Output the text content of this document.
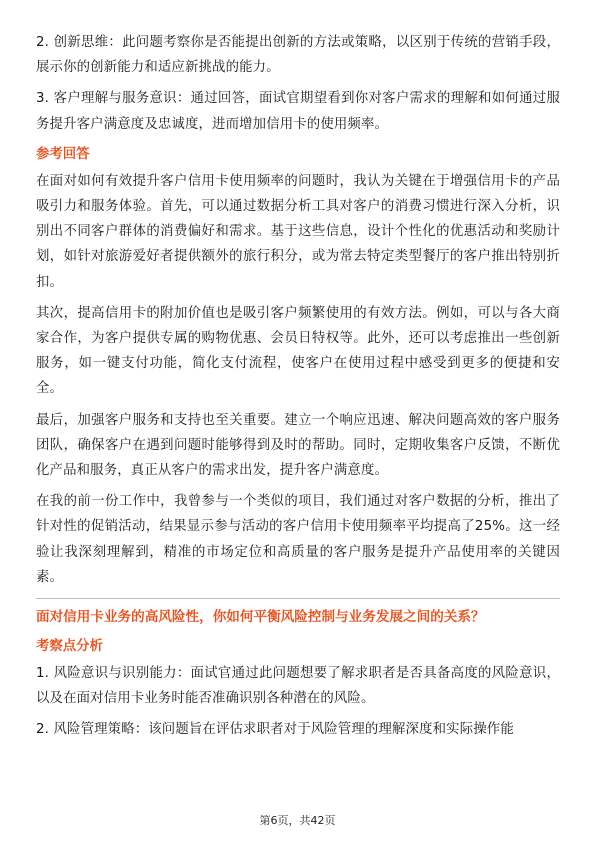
2. 创新思维：此问题考察你是否能提出创新的方法或策略，以区别于传统的营销手段，展示你的创新能力和适应新挑战的能力。

3. 客户理解与服务意识：通过回答，面试官期望看到你对客户需求的理解和如何通过服务提升客户满意度及忠诚度，进而增加信用卡的使用频率。

参考回答

在面对如何有效提升客户信用卡使用频率的问题时，我认为关键在于增强信用卡的产品吸引力和服务体验。首先，可以通过数据分析工具对客户的消费习惯进行深入分析，识别出不同客户群体的消费偏好和需求。基于这些信息，设计个性化的优惠活动和奖励计划，如针对旅游爱好者提供额外的旅行积分，或为常去特定类型餐厅的客户推出特别折扣。

其次，提高信用卡的附加价值也是吸引客户频繁使用的有效方法。例如，可以与各大商家合作，为客户提供专属的购物优惠、会员日特权等。此外，还可以考虑推出一些创新服务，如一键支付功能，简化支付流程，使客户在使用过程中感受到更多的便捷和安全。

最后，加强客户服务和支持也至关重要。建立一个响应迅速、解决问题高效的客户服务团队，确保客户在遇到问题时能够得到及时的帮助。同时，定期收集客户反馈，不断优化产品和服务，真正从客户的需求出发，提升客户满意度。

在我的前一份工作中，我曾参与一个类似的项目，我们通过对客户数据的分析，推出了针对性的促销活动，结果显示参与活动的客户信用卡使用频率平均提高了25%。这一经验让我深刻理解到，精准的市场定位和高质量的客户服务是提升产品使用率的关键因素。

面对信用卡业务的高风险性，你如何平衡风险控制与业务发展之间的关系？
考察点分析

1. 风险意识与识别能力：面试官通过此问题想要了解求职者是否具备高度的风险意识，以及在面对信用卡业务时能否准确识别各种潜在的风险。

2. 风险管理策略：该问题旨在评估求职者对于风险管理的理解深度和实际操作能

第6页，共42页
